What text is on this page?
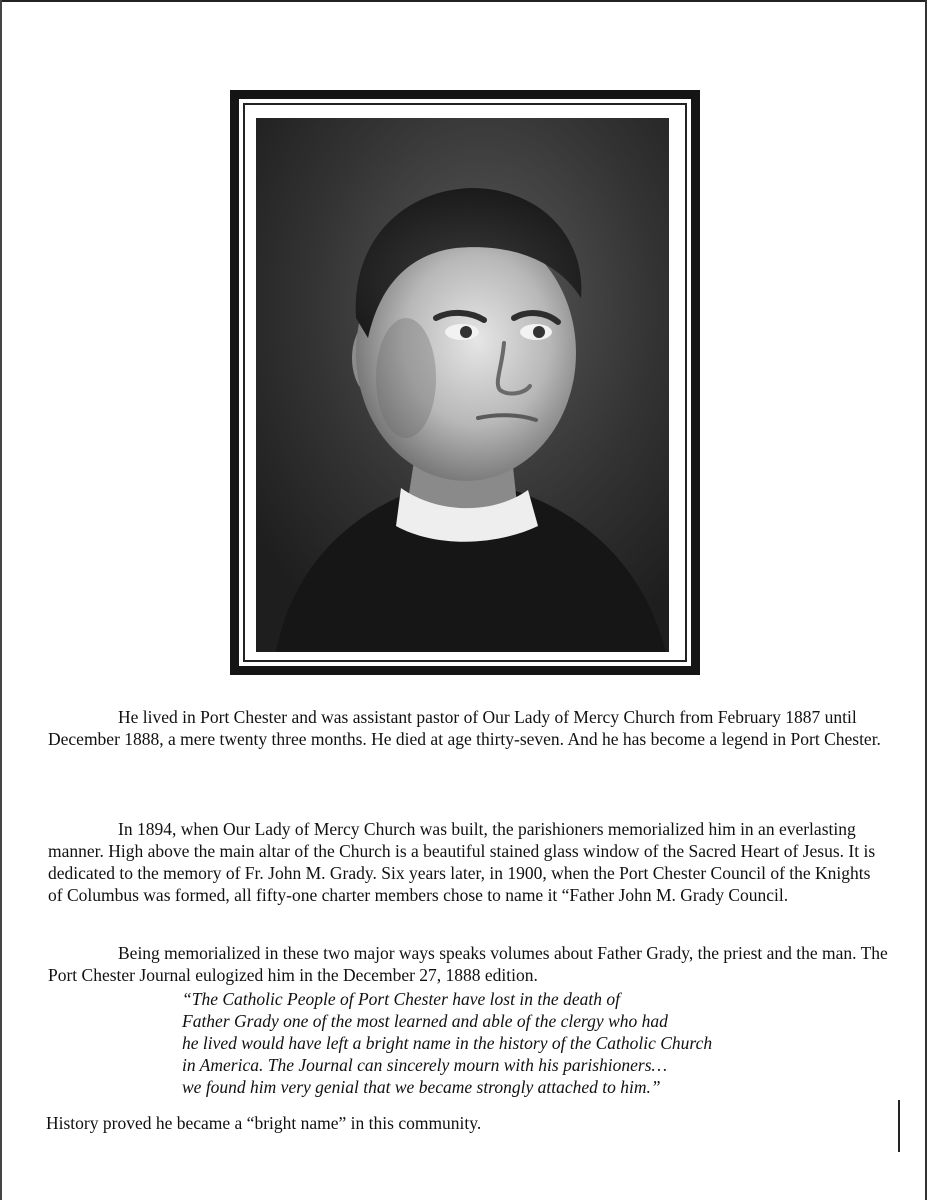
He lived in Port Chester and was assistant pastor of Our Lady of Mercy Church from February 1887 until December 1888, a mere twenty three months. He died at age thirty-seven. And he has become a legend in Port Chester.

In 1894, when Our Lady of Mercy Church was built, the parishioners memorialized him in an everlasting manner. High above the main altar of the Church is a beautiful stained glass window of the Sacred Heart of Jesus. It is dedicated to the memory of Fr. John M. Grady. Six years later, in 1900, when the Port Chester Council of the Knights of Columbus was formed, all fifty-one charter members chose to name it “Father John M. Grady Council.

Being memorialized in these two major ways speaks volumes about Father Grady, the priest and the man. The Port Chester Journal eulogized him in the December 27, 1888 edition.

“The Catholic People of Port Chester have lost in the death of
Father Grady one of the most learned and able of the clergy who had
he lived would have left a bright name in the history of the Catholic Church
in America. The Journal can sincerely mourn with his parishioners…
we found him very genial that we became strongly attached to him.”
History proved he became a “bright name” in this community.
